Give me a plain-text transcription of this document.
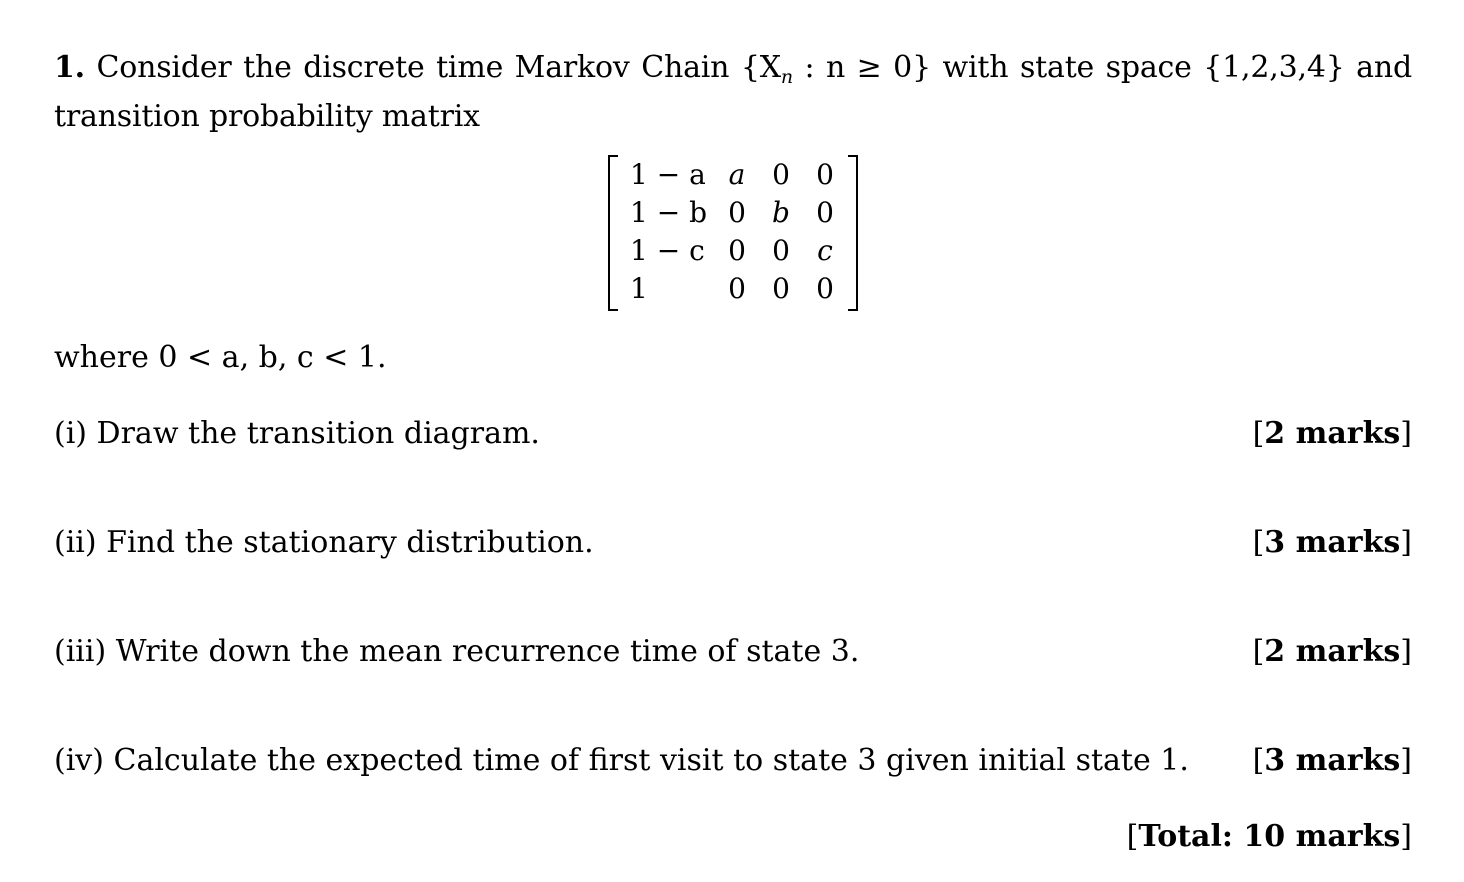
1. Consider the discrete time Markov Chain {$X_n$ : n ≥ 0} with state space {1,2,3,4} and transition probability matrix
1 − a a 0 0
1 − b 0 b 0
1 − c 0 0 c
1	0 0 0
where 0 < a, b, c < 1.
(i) Draw the transition diagram.	[2 marks]
(ii) Find the stationary distribution.	[3 marks]
(iii) Write down the mean recurrence time of state 3.	[2 marks]
(iv) Calculate the expected time of first visit to state 3 given initial state 1. [3 marks]
[Total: 10 marks]
